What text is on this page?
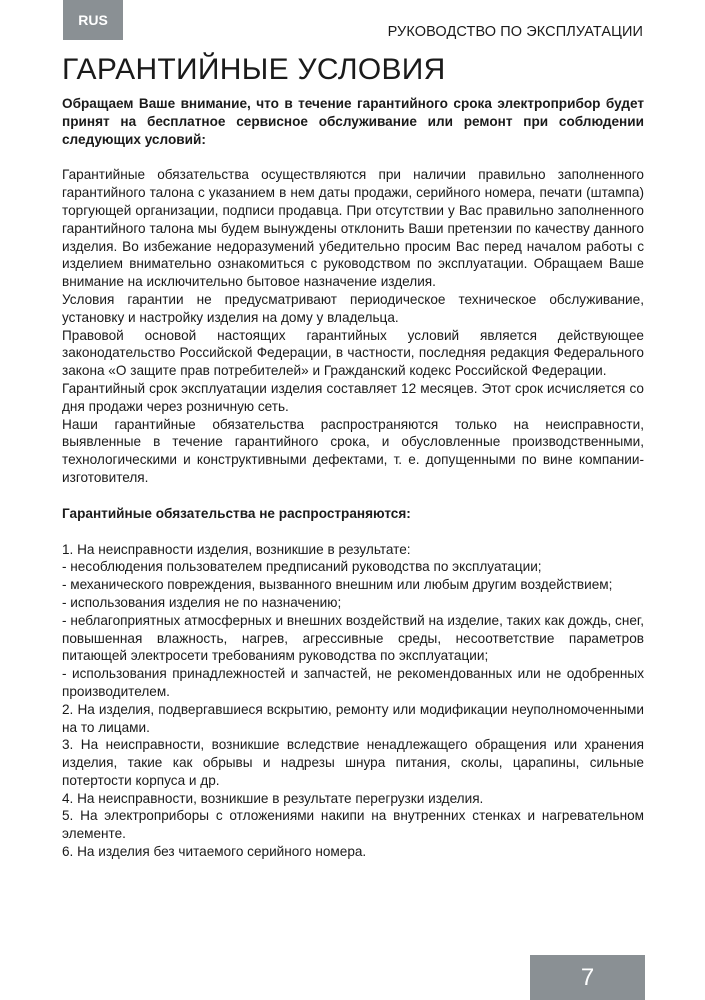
RUS
РУКОВОДСТВО ПО ЭКСПЛУАТАЦИИ
ГАРАНТИЙНЫЕ УСЛОВИЯ

Обращаем Ваше внимание, что в течение гарантийного срока электроприбор будет принят на бесплатное сервисное обслуживание или ремонт при соблюдении следующих условий:

Гарантийные обязательства осуществляются при наличии правильно заполненного гарантийного талона с указанием в нем даты продажи, серийного номера, печати (штампа) торгующей организации, подписи продавца. При отсутствии у Вас правильно заполненного гарантийного талона мы будем вынуждены отклонить Ваши претензии по качеству данного изделия. Во избежание недоразумений убедительно просим Вас перед началом работы с изделием внимательно ознакомиться с руководством по эксплуатации. Обращаем Ваше внимание на исключительно бытовое назначение изделия.

Условия гарантии не предусматривают периодическое техническое обслуживание, установку и настройку изделия на дому у владельца.

Правовой основой настоящих гарантийных условий является действующее законодательство Российской Федерации, в частности, последняя редакция Федерального закона «О защите прав потребителей» и Гражданский кодекс Российской Федерации.

Гарантийный срок эксплуатации изделия составляет 12 месяцев. Этот срок исчисляется со дня продажи через розничную сеть.

Наши гарантийные обязательства распространяются только на неисправности, выявленные в течение гарантийного срока, и обусловленные производственными, технологическими и конструктивными дефектами, т. е. допущенными по вине компании-изготовителя.

Гарантийные обязательства не распространяются:

1. На неисправности изделия, возникшие в результате:

- несоблюдения пользователем предписаний руководства по эксплуатации;

- механического повреждения, вызванного внешним или любым другим воздействием;

- использования изделия не по назначению;

- неблагоприятных атмосферных и внешних воздействий на изделие, таких как дождь, снег, повышенная влажность, нагрев, агрессивные среды, несоответствие параметров питающей электросети требованиям руководства по эксплуатации;

- использования принадлежностей и запчастей, не рекомендованных или не одобренных производителем.

2. На изделия, подвергавшиеся вскрытию, ремонту или модификации неуполномоченными на то лицами.

3. На неисправности, возникшие вследствие ненадлежащего обращения или хранения изделия, такие как обрывы и надрезы шнура питания, сколы, царапины, сильные потертости корпуса и др.

4. На неисправности, возникшие в результате перегрузки изделия.

5. На электроприборы с отложениями накипи на внутренних стенках и нагревательном элементе.

6. На изделия без читаемого серийного номера.

7
